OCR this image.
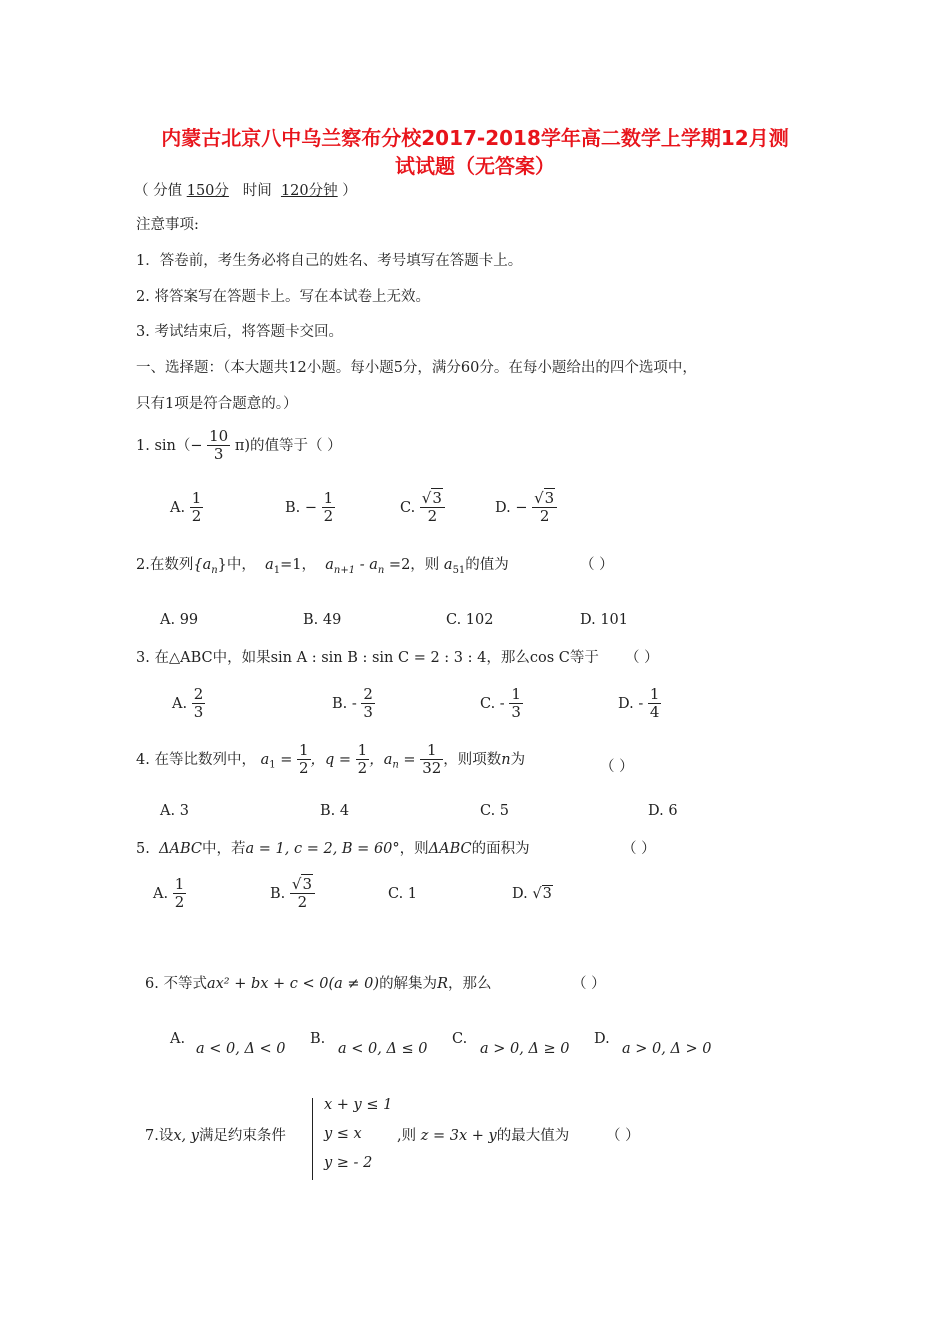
内蒙古北京八中乌兰察布分校2017-2018学年高二数学上学期12月测
试试题（无答案）
（ 分值 150分 时间 120分钟 ）
注意事项:
1．答卷前，考生务必将自己的姓名、考号填写在答题卡上。
2. 将答案写在答题卡上。写在本试卷上无效。
3. 考试结束后，将答题卡交回。
一、选择题：（本大题共12小题。每小题5分，满分60分。在每小题给出的四个选项中，
只有1项是符合题意的。）
1. $\sin(- \frac{10}{3} \pi)$的值等于（ ）
A. $\frac{1}{2}$	B. − $\frac{1}{2}$	C. $\frac{√3}{2}$	D. − $\frac{√3}{2}$
2.在数列$\{a_n\}$中， $a_1=1$， $a_{n+1} - a_n =2$，则 $a_{51}$的值为	（ ）
A. 99	B. 49	C. 102	D. 101
3. 在△ABC中，如果sin A : sin B : sin C = 2 : 3 : 4，那么cos C等于 （ ）
A. $\frac{2}{3}$	B. - $\frac{2}{3}$	C. - $\frac{1}{3}$	D. - $\frac{1}{4}$
4. 在等比数列中， $a_1 = \frac{1}{2}$ ，$q = \frac{1}{2}$ ，$a_n = \frac{1}{32}$ ，则项数n为	（ ）
A. 3	B. 4	C. 5	D. 6
5. ΔABC中，若a = 1, c = 2, B = 60°，则ΔABC的面积为	（ ）
A. $\frac{1}{2}$	B. $\frac{√3}{2}$	C. 1	D. √3
6. 不等式ax² + bx + c < 0(a ≠ 0)的解集为R，那么	（ ）
A.
a < 0, Δ < 0
B.
a < 0, Δ ≤ 0
C.
a > 0, Δ ≥ 0
D.
a > 0, Δ > 0
7.设x, y满足约束条件
x + y ≤ 1
y ≤ x
y ≥ - 2
,则 z = 3x + y的最大值为	（ ）
